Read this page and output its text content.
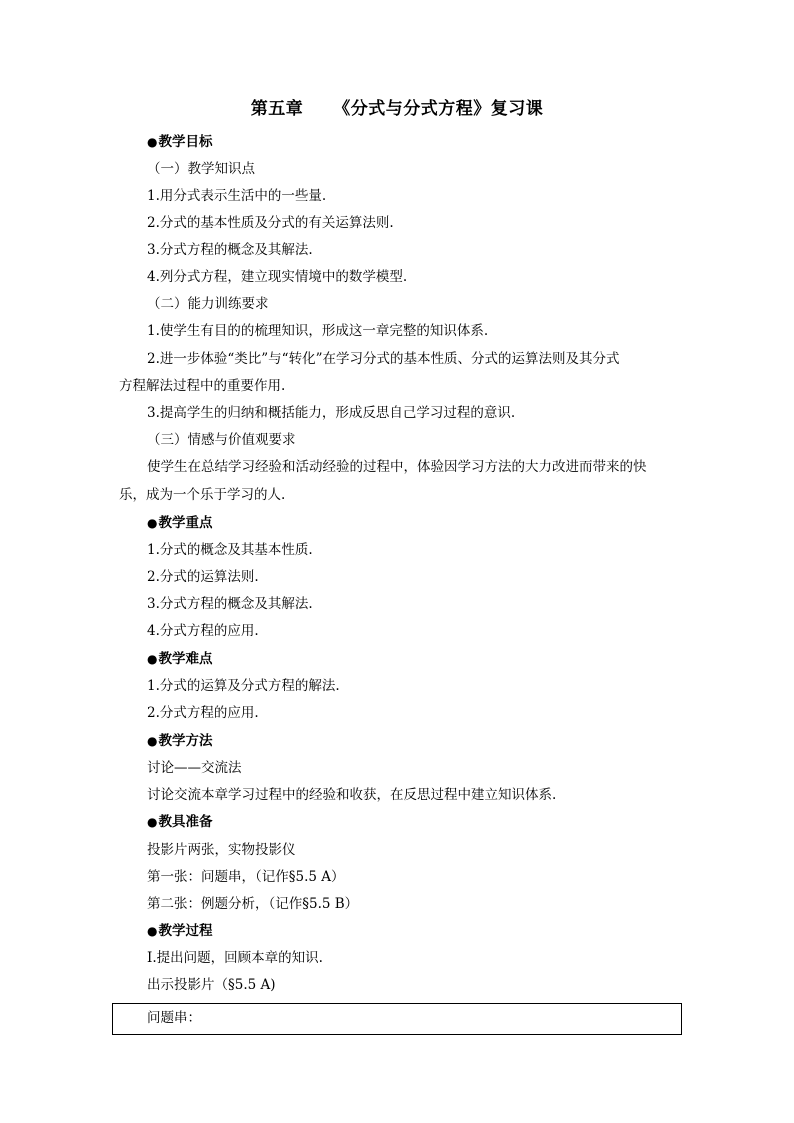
第五章 《分式与分式方程》复习课
● 教学目标
（一）教学知识点
1.用分式表示生活中的一些量.
2.分式的基本性质及分式的有关运算法则.
3.分式方程的概念及其解法.
4.列分式方程，建立现实情境中的数学模型.
（二）能力训练要求
1.使学生有目的的梳理知识，形成这一章完整的知识体系.
2.进一步体验“类比”与“转化”在学习分式的基本性质、分式的运算法则及其分式
方程解法过程中的重要作用.
3.提高学生的归纳和概括能力，形成反思自己学习过程的意识.
（三）情感与价值观要求
使学生在总结学习经验和活动经验的过程中，体验因学习方法的大力改进而带来的快
乐，成为一个乐于学习的人.
● 教学重点
1.分式的概念及其基本性质.
2.分式的运算法则.
3.分式方程的概念及其解法.
4.分式方程的应用.
● 教学难点
1.分式的运算及分式方程的解法.
2.分式方程的应用.
● 教学方法
讨论——交流法
讨论交流本章学习过程中的经验和收获，在反思过程中建立知识体系.
● 教具准备
投影片两张，实物投影仪
第一张：问题串，（记作§5.5 A）
第二张：例题分析，（记作§5.5 B）
● 教学过程
Ⅰ.提出问题，回顾本章的知识.
出示投影片（§5.5 A)
问题串：
